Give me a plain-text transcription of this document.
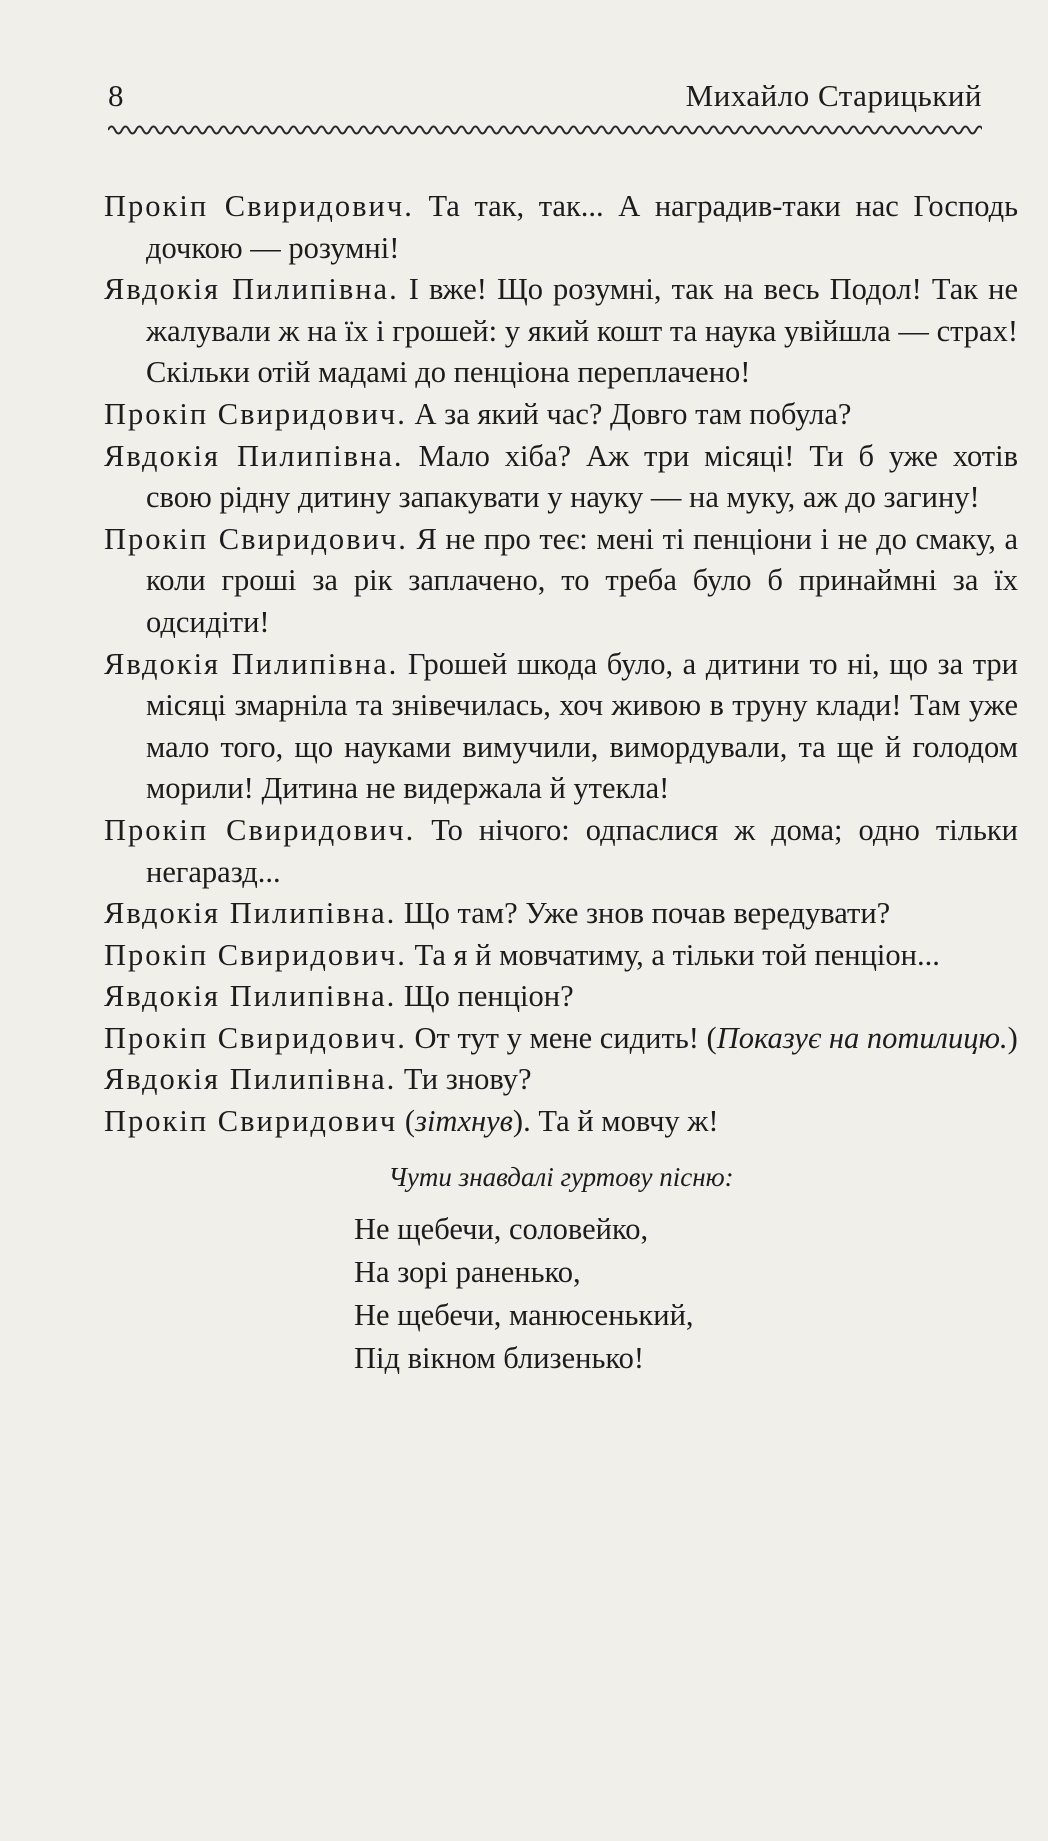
8	Михайло Старицький

Прокіп Свиридович. Та так, так... А наградив-таки нас Господь дочкою — розумні!

Явдокія Пилипівна. І вже! Що розумні, так на весь Подол! Так не жалували ж на їх і грошей: у який кошт та наука увійшла — страх! Скільки отій мадамі до пенціона переплачено!

Прокіп Свиридович. А за який час? Довго там побула?

Явдокія Пилипівна. Мало хіба? Аж три місяці! Ти б уже хотів свою рідну дитину запакувати у науку — на муку, аж до загину!

Прокіп Свиридович. Я не про теє: мені ті пенціони і не до смаку, а коли гроші за рік заплачено, то треба було б принаймні за їх одсидіти!

Явдокія Пилипівна. Грошей шкода було, а дитини то ні, що за три місяці змарніла та знівечилась, хоч живою в труну клади! Там уже мало того, що науками вимучили, вимордували, та ще й голодом морили! Дитина не видержала й утекла!

Прокіп Свиридович. То нічого: одпаслися ж дома; одно тільки негаразд...

Явдокія Пилипівна. Що там? Уже знов почав вередувати?

Прокіп Свиридович. Та я й мовчатиму, а тільки той пенціон...

Явдокія Пилипівна. Що пенціон?

Прокіп Свиридович. От тут у мене сидить! (Показує на потилицю.)

Явдокія Пилипівна. Ти знову?

Прокіп Свиридович (зітхнув). Та й мовчу ж!

Чути знавдалі гуртову пісню:

Не щебечи, соловейко,
На зорі раненько,
Не щебечи, манюсенький,
Під вікном близенько!
